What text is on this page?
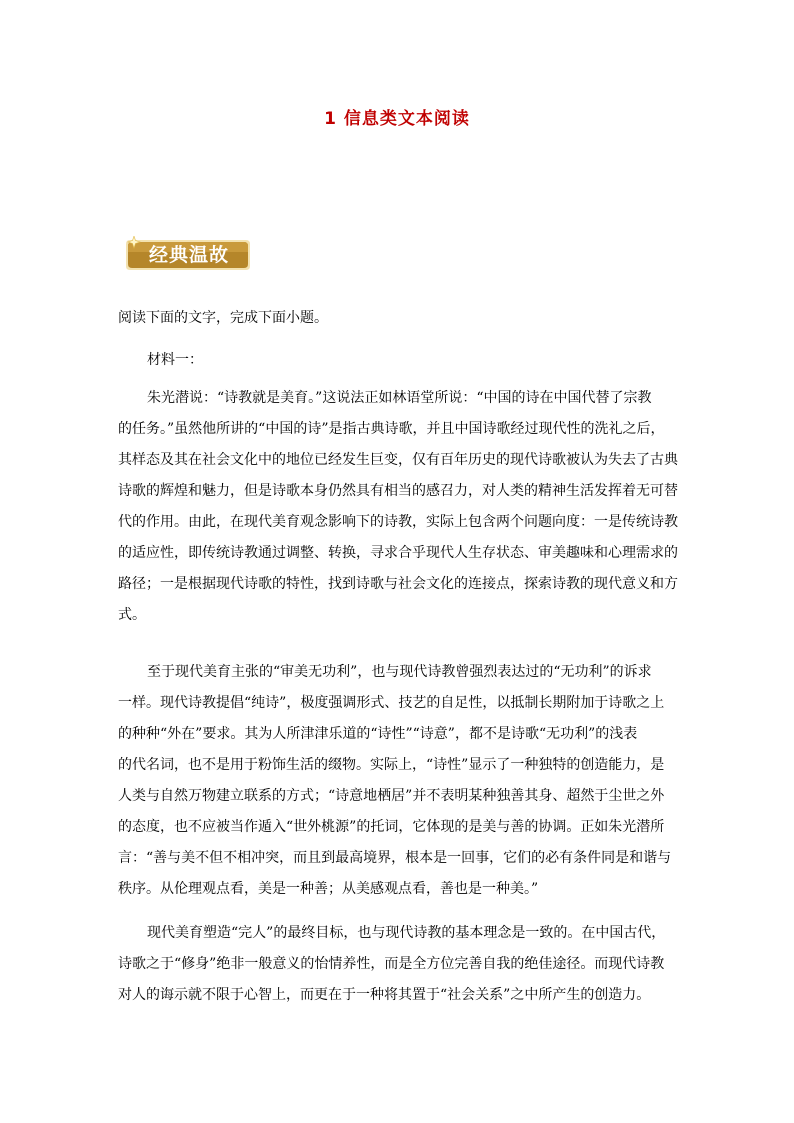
1 信息类文本阅读
经典温故
阅读下面的文字，完成下面小题。
材料一：
朱光潜说：“诗教就是美育。”这说法正如林语堂所说：“中国的诗在中国代替了宗教
的任务。”虽然他所讲的“中国的诗”是指古典诗歌，并且中国诗歌经过现代性的洗礼之后，
其样态及其在社会文化中的地位已经发生巨变，仅有百年历史的现代诗歌被认为失去了古典
诗歌的辉煌和魅力，但是诗歌本身仍然具有相当的感召力，对人类的精神生活发挥着无可替
代的作用。由此，在现代美育观念影响下的诗教，实际上包含两个问题向度：一是传统诗教
的适应性，即传统诗教通过调整、转换，寻求合乎现代人生存状态、审美趣味和心理需求的
路径；一是根据现代诗歌的特性，找到诗歌与社会文化的连接点，探索诗教的现代意义和方
式。
至于现代美育主张的“审美无功利”，也与现代诗教曾强烈表达过的“无功利”的诉求
一样。现代诗教提倡“纯诗”，极度强调形式、技艺的自足性，以抵制长期附加于诗歌之上
的种种“外在”要求。其为人所津津乐道的“诗性”“诗意”，都不是诗歌“无功利”的浅表
的代名词，也不是用于粉饰生活的缀物。实际上，“诗性”显示了一种独特的创造能力，是
人类与自然万物建立联系的方式；“诗意地栖居”并不表明某种独善其身、超然于尘世之外
的态度，也不应被当作遁入“世外桃源”的托词，它体现的是美与善的协调。正如朱光潜所
言：“善与美不但不相冲突，而且到最高境界，根本是一回事，它们的必有条件同是和谐与
秩序。从伦理观点看，美是一种善；从美感观点看，善也是一种美。”
现代美育塑造“完人”的最终目标，也与现代诗教的基本理念是一致的。在中国古代，
诗歌之于“修身”绝非一般意义的怡情养性，而是全方位完善自我的绝佳途径。而现代诗教
对人的诲示就不限于心智上，而更在于一种将其置于“社会关系”之中所产生的创造力。
